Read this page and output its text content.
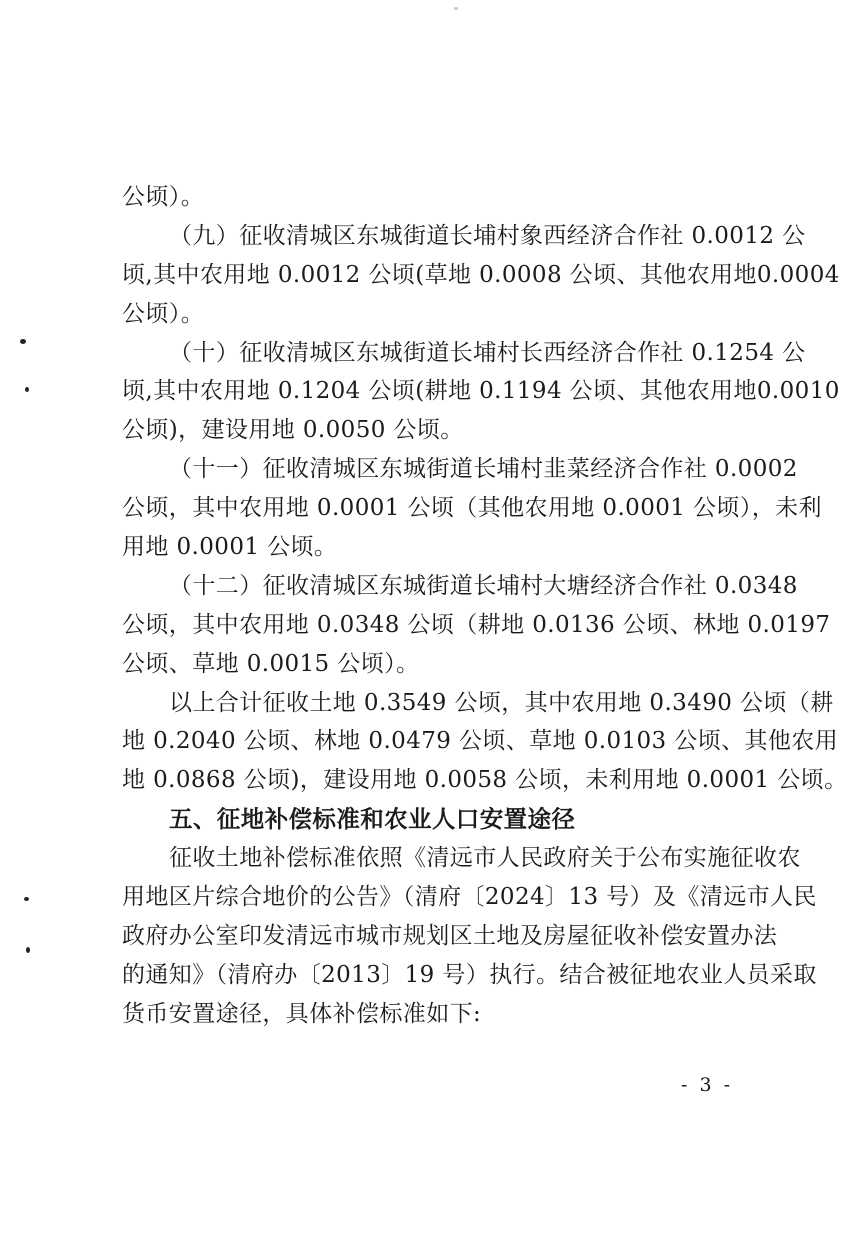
公顷）。
（九）征收清城区东城街道长埔村象西经济合作社 0.0012 公
顷,其中农用地 0.0012 公顷(草地 0.0008 公顷、其他农用地0.0004
公顷）。
（十）征收清城区东城街道长埔村长西经济合作社 0.1254 公
顷,其中农用地 0.1204 公顷(耕地 0.1194 公顷、其他农用地0.0010
公顷)，建设用地 0.0050 公顷。
（十一）征收清城区东城街道长埔村韭菜经济合作社 0.0002
公顷，其中农用地 0.0001 公顷（其他农用地 0.0001 公顷），未利
用地 0.0001 公顷。
（十二）征收清城区东城街道长埔村大塘经济合作社 0.0348
公顷，其中农用地 0.0348 公顷（耕地 0.0136 公顷、林地 0.0197
公顷、草地 0.0015 公顷）。
以上合计征收土地 0.3549 公顷，其中农用地 0.3490 公顷（耕
地 0.2040 公顷、林地 0.0479 公顷、草地 0.0103 公顷、其他农用
地 0.0868 公顷)，建设用地 0.0058 公顷，未利用地 0.0001 公顷。
五、征地补偿标准和农业人口安置途径
征收土地补偿标准依照《清远市人民政府关于公布实施征收农
用地区片综合地价的公告》（清府〔2024〕13 号）及《清远市人民
政府办公室印发清远市城市规划区土地及房屋征收补偿安置办法
的通知》（清府办〔2013〕19 号）执行。结合被征地农业人员采取
货币安置途径，具体补偿标准如下:
- 3 -
